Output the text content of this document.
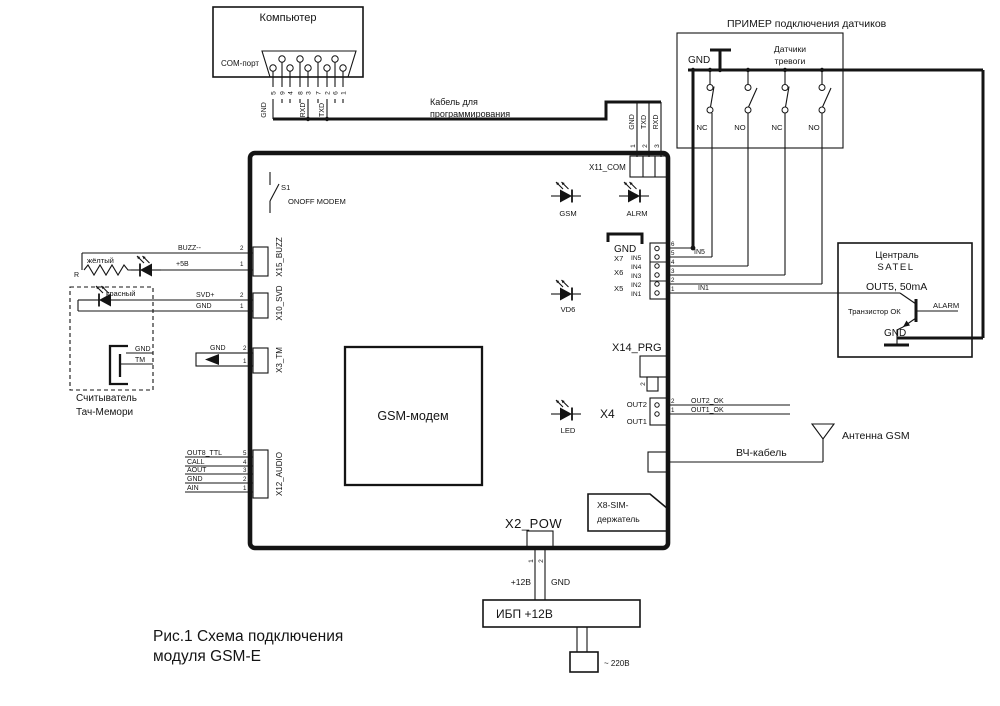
Компьютер
COM-порт
5 9 4 8 3 7 2 6 1
GND	RXD TXD
Кабель для
программирования
GND TXD RXD
1 2 3
X11_COM
S1
ONOFF MODEM
жёлтый
R
BUZZ--
+5В
2
1	X15_BUZZ
красный	SVD+
GND
2
1	X10_SVD
GND
TM
Считыватель
Тач-Мемори
GND	2
1	X3_TM
OUT8_TTL
CALL
AOUT
GND
AIN
5
4
3
2
1	X12_AUDIO
GSM-модем
GSM	ALRM
VD6
LED
GND
X7
X6
X5
IN5
IN4
IN3
IN2
IN1
6
5
4
3
2
1
IN5
IN1
ПРИМЕР подключения датчиков
GND
Датчики
тревоги
NC	NO	NC	NO
Централь
SATEL
OUT5, 50mA
Транзистор ОК
ALARM
GND
X14_PRG
2
X4
OUT2
OUT1
2
1
OUT2_OK
OUT1_OK
ВЧ-кабель
Антенна GSM
X8-SIM-
держатель
X2_POW
1 2
+12В GND
ИБП +12В
~ 220В
Рис.1 Схема подключения
модуля GSM-E
